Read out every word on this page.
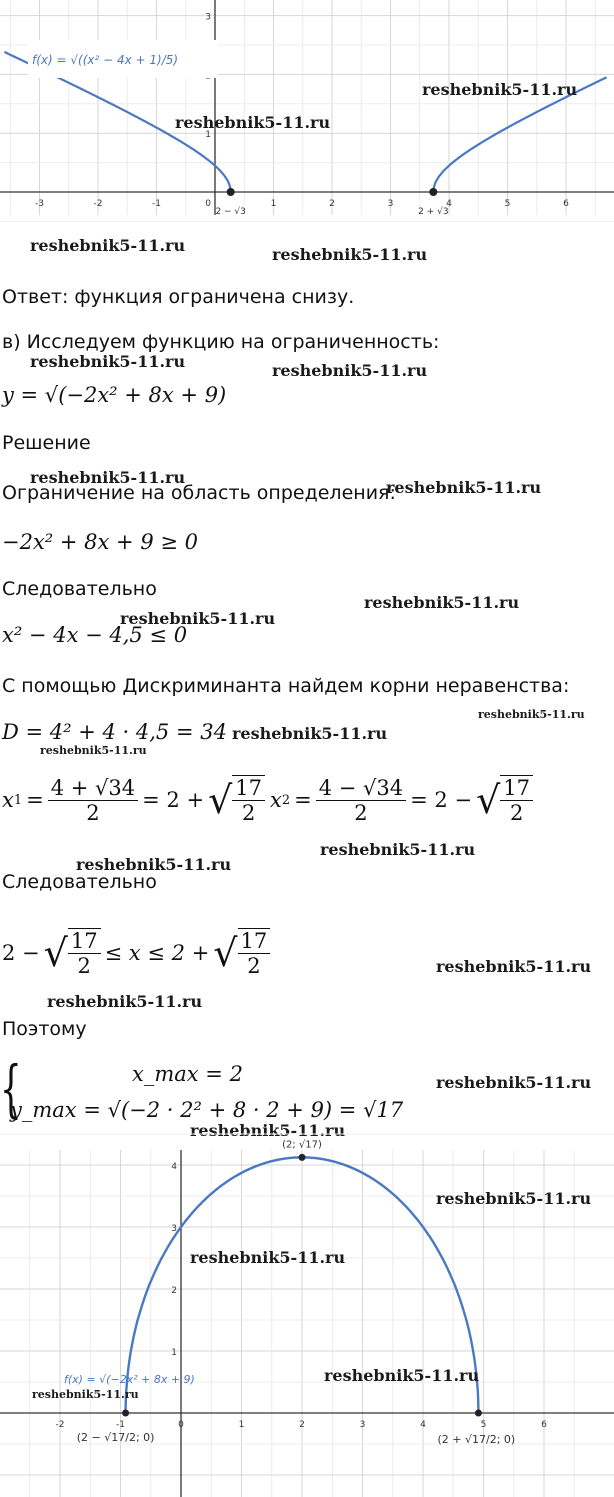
-3	-2	-1	0	1	2	3	4	5	6
1
3
2 − √3	2 + √3
f(x) = √((x² − 4x + 1)/5)
reshebnik5-11.ru
reshebnik5-11.ru
reshebnik5-11.ru	reshebnik5-11.ru
Ответ: функция ограничена снизу.
в) Исследуем функцию на ограниченность:
reshebnik5-11.ru	reshebnik5-11.ru
y = √(−2x² + 8x + 9)
Решение
reshebnik5-11.ru
Ограничение на область определения:
reshebnik5-11.ru
−2x² + 8x + 9 ≥ 0
Следовательно
reshebnik5-11.ru
reshebnik5-11.ru
x² − 4x − 4,5 ≤ 0
С помощью Дискриминанта найдем корни неравенства:
reshebnik5-11.ru
D = 4² + 4 · 4,5 = 34
reshebnik5-11.ru
reshebnik5-11.ru
x $1 = \frac{4 + √34}{2} = 2$ + √ $\frac{17}{2}$ x $2 = \frac{4 - √34}{2} = 2$ − √ $\frac{17}{2}$
reshebnik5-11.ru
reshebnik5-11.ru
Следовательно
2 − √ $\frac{17}{2} \le x \le 2$ + √ $\frac{17}{2}$	reshebnik5-11.ru
reshebnik5-11.ru
Поэтому
{	x_max = 2
y_max = √(−2 · 2² + 8 · 2 + 9) = √17
reshebnik5-11.ru
reshebnik5-11.ru
-2	-1	0	1	2	3	4	5	6
1
2
3
4
(2; √17)
(2 − √17/2; 0)	(2 + √17/2; 0)
f(x) = √(−2x² + 8x + 9)
reshebnik5-11.ru
reshebnik5-11.ru
reshebnik5-11.ru
reshebnik5-11.ru
